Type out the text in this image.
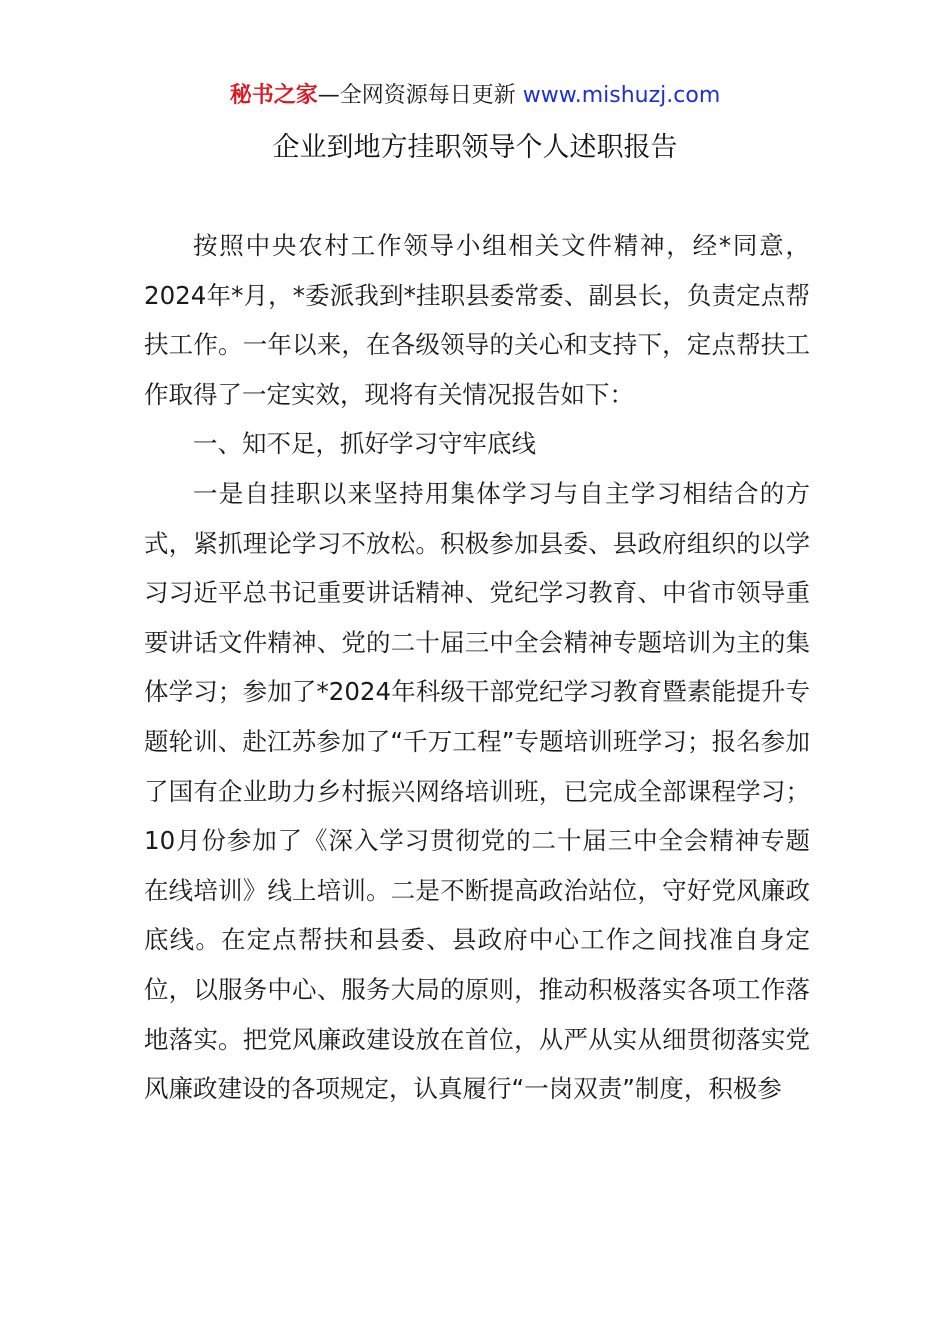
秘书之家—全网资源每日更新 www.mishuzj.com
企业到地方挂职领导个人述职报告

按照中央农村工作领导小组相关文件精神，经*同意，2024年*月，*委派我到*挂职县委常委、副县长，负责定点帮扶工作。一年以来，在各级领导的关心和支持下，定点帮扶工作取得了一定实效，现将有关情况报告如下：

一、知不足，抓好学习守牢底线

一是自挂职以来坚持用集体学习与自主学习相结合的方式，紧抓理论学习不放松。积极参加县委、县政府组织的以学习习近平总书记重要讲话精神、党纪学习教育、中省市领导重要讲话文件精神、党的二十届三中全会精神专题培训为主的集体学习；参加了*2024年科级干部党纪学习教育暨素能提升专题轮训、赴江苏参加了“千万工程”专题培训班学习；报名参加了国有企业助力乡村振兴网络培训班，已完成全部课程学习；10月份参加了《深入学习贯彻党的二十届三中全会精神专题在线培训》线上培训。二是不断提高政治站位，守好党风廉政底线。在定点帮扶和县委、县政府中心工作之间找准自身定位，以服务中心、服务大局的原则，推动积极落实各项工作落地落实。把党风廉政建设放在首位，从严从实从细贯彻落实党风廉政建设的各项规定，认真履行“一岗双责”制度，积极参
